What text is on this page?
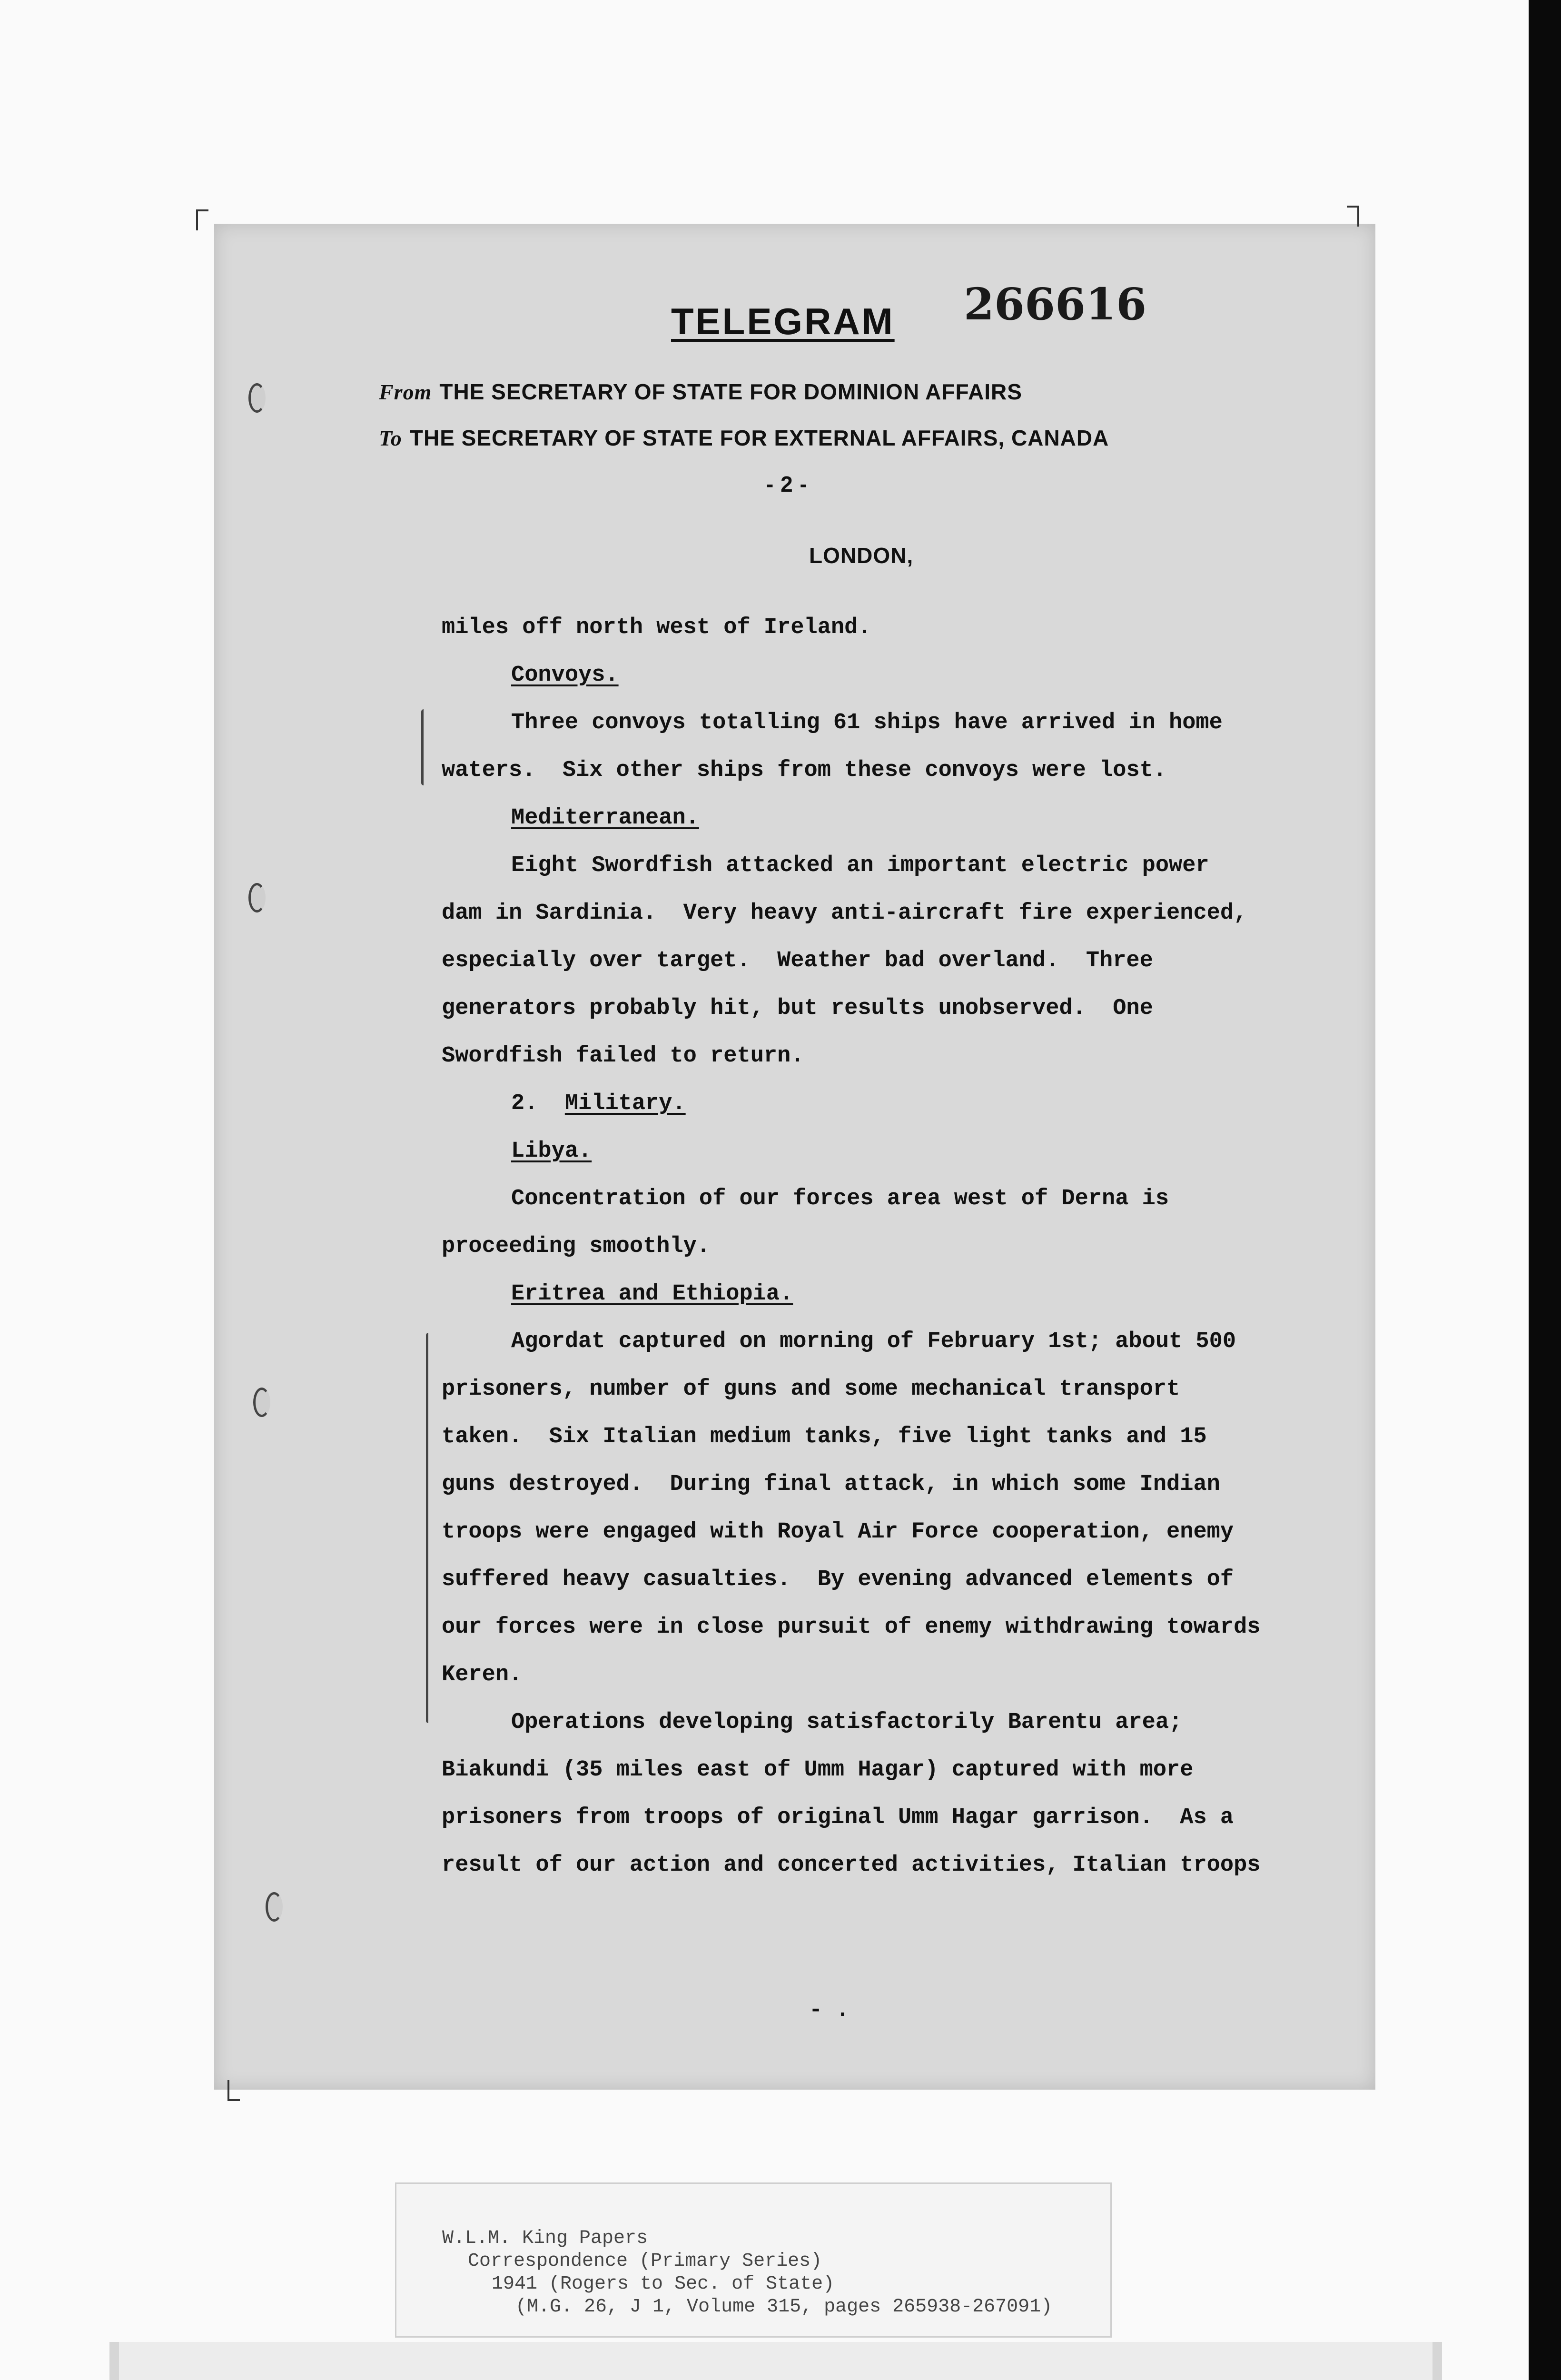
266616
TELEGRAM
From THE SECRETARY OF STATE FOR DOMINION AFFAIRS
To THE SECRETARY OF STATE FOR EXTERNAL AFFAIRS, CANADA
- 2 -
LONDON,
miles off north west of Ireland.
Convoys.
Three convoys totalling 61 ships have arrived in home
waters.  Six other ships from these convoys were lost.
Mediterranean.
Eight Swordfish attacked an important electric power
dam in Sardinia.  Very heavy anti-aircraft fire experienced,
especially over target.  Weather bad overland.  Three
generators probably hit, but results unobserved.  One
Swordfish failed to return.
2.  Military.
Libya.
Concentration of our forces area west of Derna is
proceeding smoothly.
Eritrea and Ethiopia.
Agordat captured on morning of February 1st; about 500
prisoners, number of guns and some mechanical transport
taken.  Six Italian medium tanks, five light tanks and 15
guns destroyed.  During final attack, in which some Indian
troops were engaged with Royal Air Force cooperation, enemy
suffered heavy casualties.  By evening advanced elements of
our forces were in close pursuit of enemy withdrawing towards
Keren.
Operations developing satisfactorily Barentu area;
Biakundi (35 miles east of Umm Hagar) captured with more
prisoners from troops of original Umm Hagar garrison.  As a
result of our action and concerted activities, Italian troops
- .
W.L.M. King Papers
Correspondence (Primary Series)
1941 (Rogers to Sec. of State)
(M.G. 26, J 1, Volume 315, pages 265938-267091)
